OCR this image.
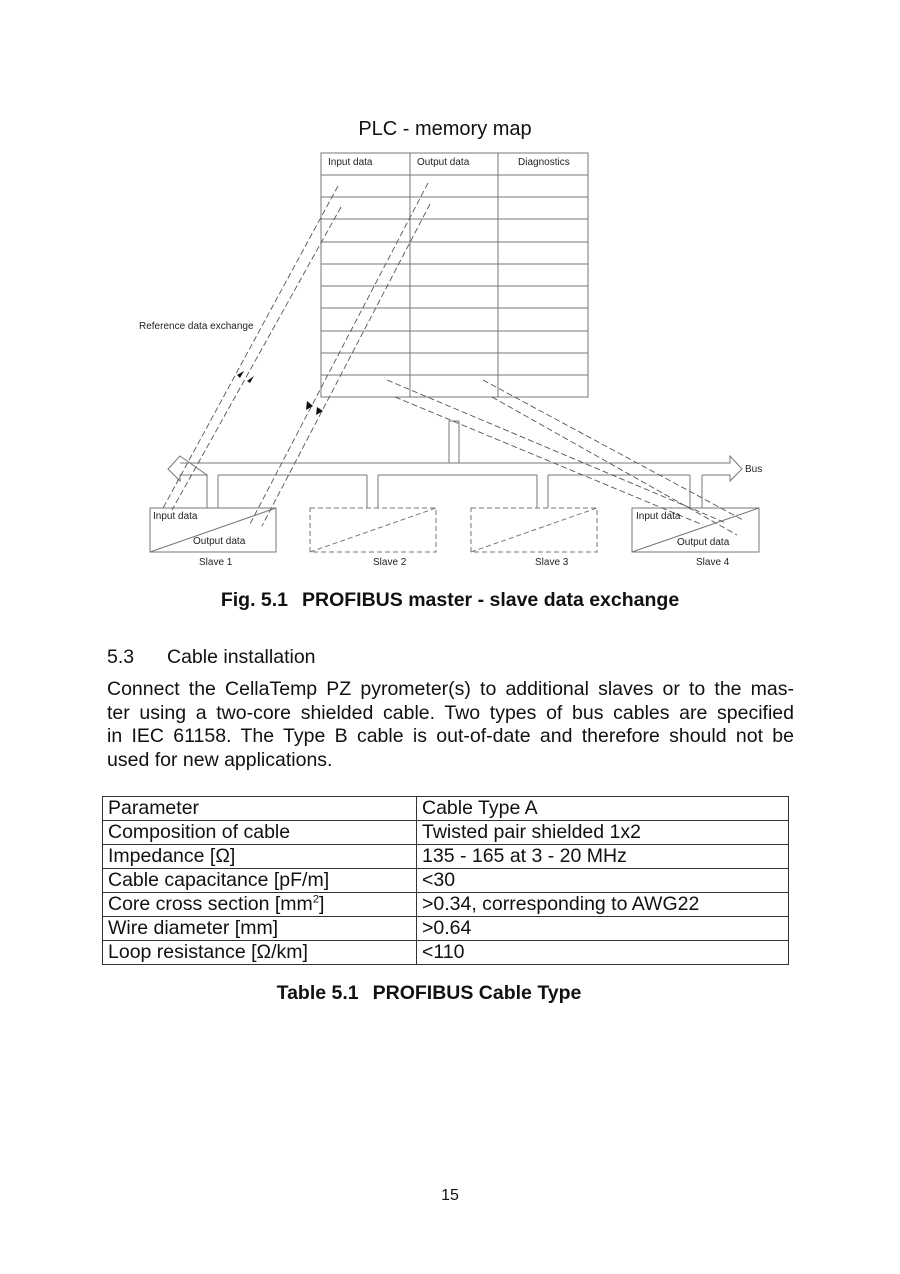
PLC - memory map
Input data	Output data	Diagnostics
Reference data exchange
Bus
Input data
Output data
Input data
Output data
Slave 1	Slave 2	Slave 3	Slave 4
Fig. 5.1 PROFIBUS master - slave data exchange
5.3 Cable installation
Connect the CellaTemp PZ pyrometer(s) to additional slaves or to the mas-
ter using a two-core shielded cable. Two types of bus cables are specified
in IEC 61158. The Type B cable is out-of-date and therefore should not be
used for new applications.
Parameter	Cable Type A
Composition of cable	Twisted pair shielded 1x2
Impedance [Ω]	135 - 165 at 3 - 20 MHz
Cable capacitance [pF/m]	<30
Core cross section $[mm^2]$	>0.34, corresponding to AWG22
Wire diameter [mm]	>0.64
Loop resistance [Ω/km]	<110
Table 5.1 PROFIBUS Cable Type
15
